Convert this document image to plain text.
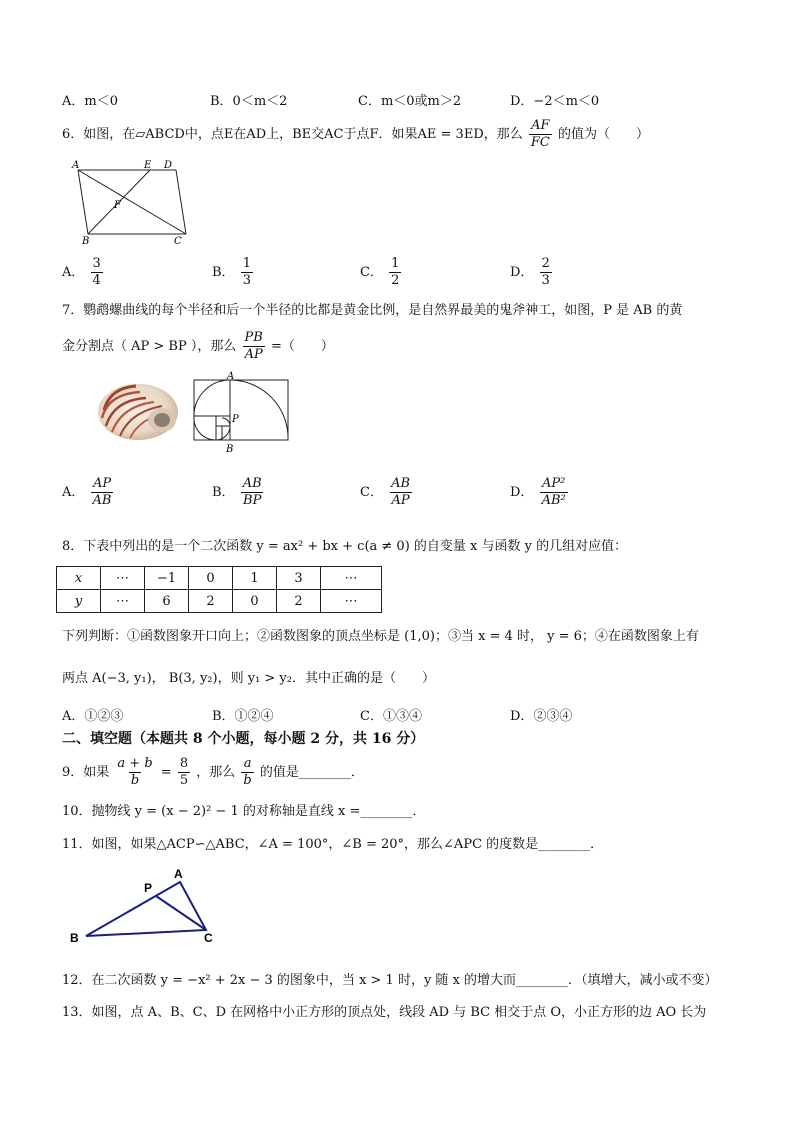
A．m＜0	B．0＜m＜2	C．m＜0或m＞2	D．−2＜m＜0
6．如图，在▱ABCD中，点E在AD上，BE交AC于点F．如果AE = 3ED，那么 $\frac{AF}{FC}$ 的值为（　　）
A	E D
F
B	C
A． $\frac{3}{4}$	B． $\frac{1}{3}$	C． $\frac{1}{2}$	D． $\frac{2}{3}$
7．鹦鹉螺曲线的每个半径和后一个半径的比都是黄金比例，是自然界最美的鬼斧神工，如图，P 是 AB 的黄
金分割点（ AP > BP ），那么 $\frac{PB}{AP}$ =（　　）
A
P
B
A． $\frac{AP}{AB}$	B． $\frac{AB}{BP}$	C． $\frac{AB}{AP}$	D． $\frac{\text{AP²}}{\text{AB²}}$
8．下表中列出的是一个二次函数 y = ax² + bx + c(a ≠ 0) 的自变量 x 与函数 y 的几组对应值：
x	⋯	−1	0	1	3	⋯
y	⋯	6	2	0	2	⋯
下列判断：①函数图象开口向上；②函数图象的顶点坐标是 (1,0)；③当 x = 4 时， y = 6；④在函数图象上有
两点 A(−3, y₁)， B(3, y₂)，则 y₁ > y₂．其中正确的是（　　）
A．①②③	B．①②④	C．①③④	D．②③④
二、填空题（本题共 8 个小题，每小题 2 分，共 16 分）
9．如果 $\frac{a + b}{b} = \frac{8}{5}$ ，那么 $\frac{a}{b}$ 的值是________．
10．抛物线 y = (x − 2)² − 1 的对称轴是直线 x =________．
11．如图，如果△ACP∽△ABC，∠A = 100°，∠B = 20°，那么∠APC 的度数是________．
P
A
B	C
12．在二次函数 y = −x² + 2x − 3 的图象中，当 x > 1 时，y 随 x 的增大而________．（填增大，减小或不变）
13．如图，点 A、B、C、D 在网格中小正方形的顶点处，线段 AD 与 BC 相交于点 O，小正方形的边 AO 长为
